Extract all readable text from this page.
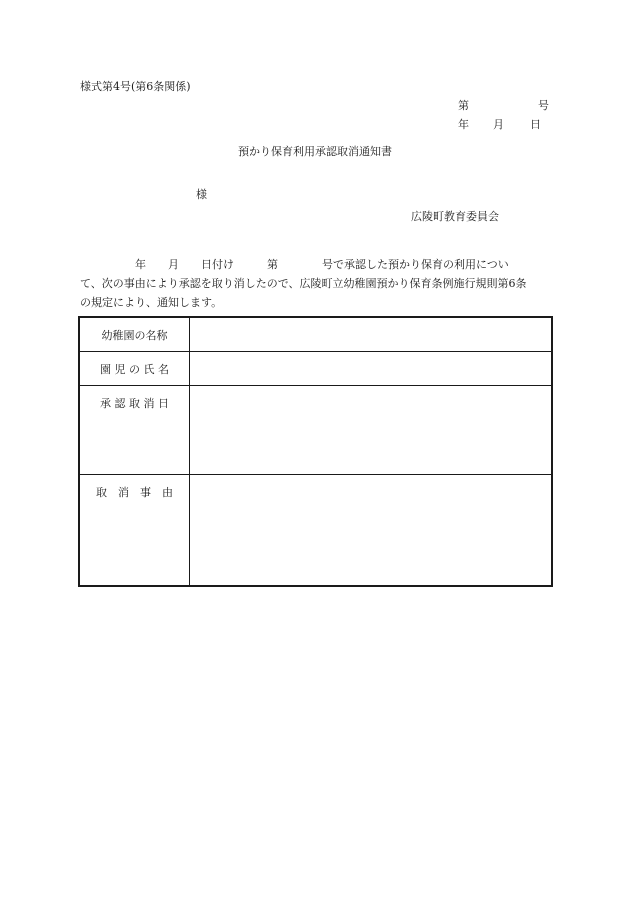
様式第4号(第6条関係)
第	号
年 月 日
預かり保育利用承認取消通知書
様
広陵町教育委員会
　　　　　年　　月　　日付け　　　第　　　　号で承認した預かり保育の利用につい
て、次の事由により承認を取り消したので、広陵町立幼稚園預かり保育条例施行規則第6条
の規定により、通知します。
幼稚園の名称	
園 児 の 氏 名	

承 認 取 消 日	

取　消　事　由	
